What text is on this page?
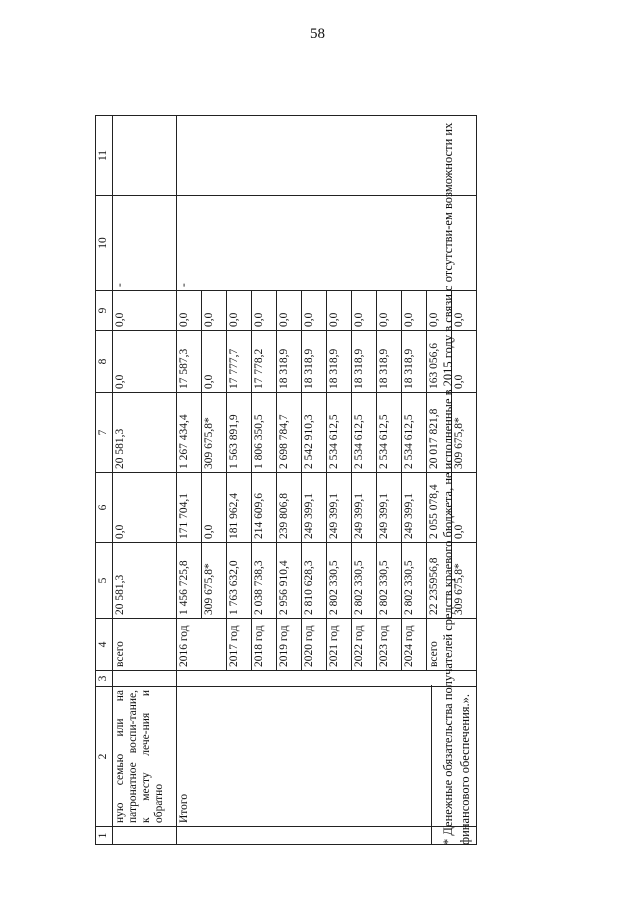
58
1	2	3	4	5	6	7	8	9	10	11
	ную семью или на патронатное воспи-тание, к месту лече-ния и обратно		всего	20 581,3	0,0	20 581,3	0,0	0,0	-	
	Итого		2016 год	1 456 725,8	171 704,1	1 267 434,4	17 587,3	0,0	-	
				309 675,8*	0,0	309 675,8*	0,0	0,0		
			2017 год	1 763 632,0	181 962,4	1 563 891,9	17 777,7	0,0		
			2018 год	2 038 738,3	214 609,6	1 806 350,5	17 778,2	0,0		
			2019 год	2 956 910,4	239 806,8	2 698 784,7	18 318,9	0,0		
			2020 год	2 810 628,3	249 399,1	2 542 910,3	18 318,9	0,0		
			2021 год	2 802 330,5	249 399,1	2 534 612,5	18 318,9	0,0		
			2022 год	2 802 330,5	249 399,1	2 534 612,5	18 318,9	0,0		
			2023 год	2 802 330,5	249 399,1	2 534 612,5	18 318,9	0,0		
			2024 год	2 802 330,5	249 399,1	2 534 612,5	18 318,9	0,0		
			всего	22 235956,8	2 055 078,4	20 017 821,8	163 056,6	0,0		
				309 675,8*	0,0	309 675,8*	0,0	0,0		
* Денежные обязательства получателей средств краевого бюджета, не исполненные в 2015 году в связи с отсутстви-ем возможности их финансового обеспечения.».
